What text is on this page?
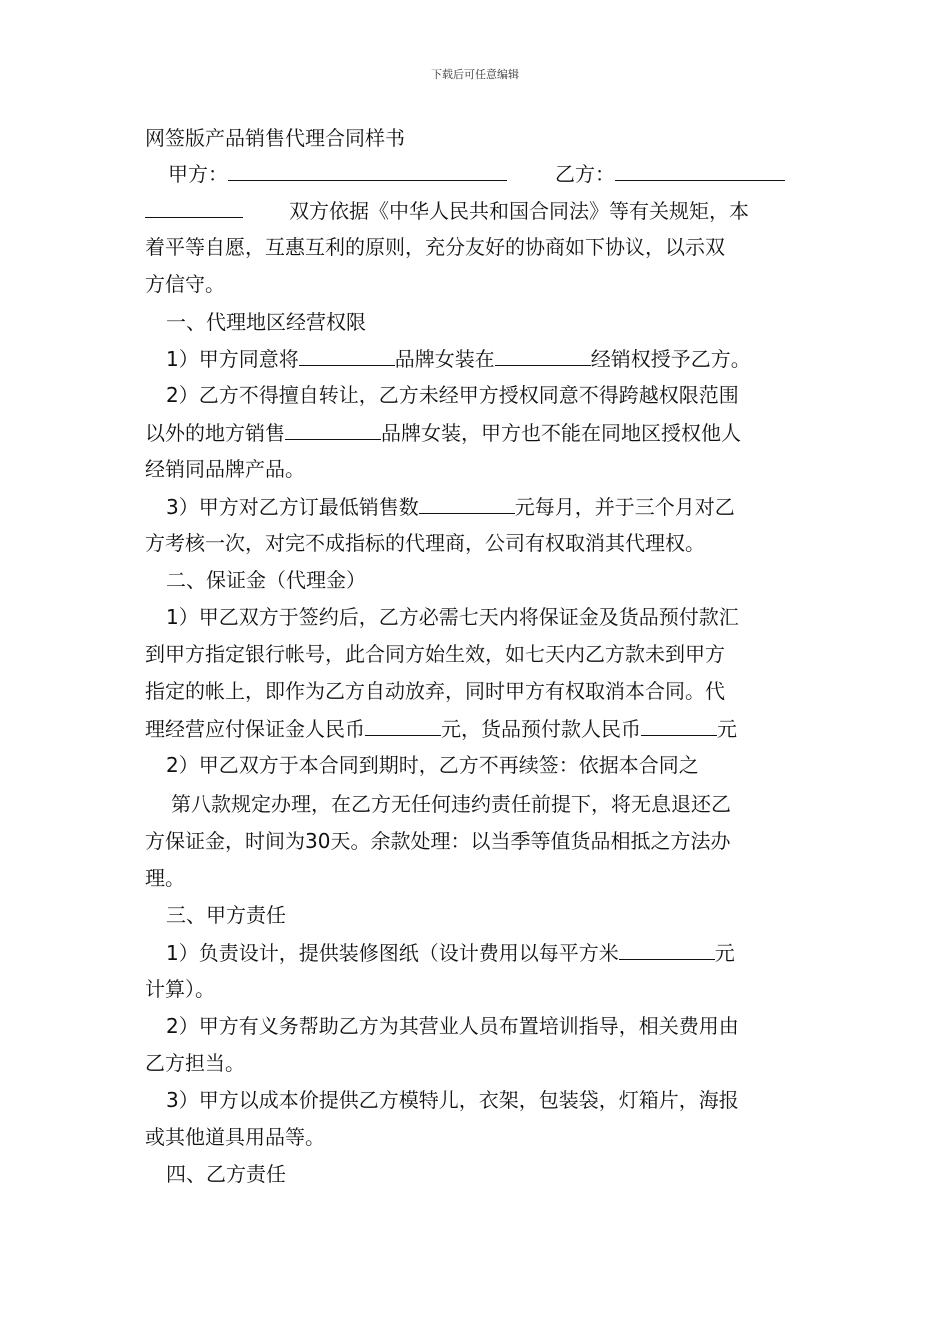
下载后可任意编辑
网签版产品销售代理合同样书
甲方：	乙方：
双方依据《中华人民共和国合同法》等有关规矩，本
着平等自愿，互惠互利的原则，充分友好的协商如下协议，以示双
方信守。
一、代理地区经营权限
1）甲方同意将	品牌女装在	经销权授予乙方。
2）乙方不得擅自转让，乙方未经甲方授权同意不得跨越权限范围
以外的地方销售	品牌女装，甲方也不能在同地区授权他人
经销同品牌产品。
3）甲方对乙方订最低销售数	元每月，并于三个月对乙
方考核一次，对完不成指标的代理商，公司有权取消其代理权。
二、保证金（代理金）
1）甲乙双方于签约后，乙方必需七天内将保证金及货品预付款汇
到甲方指定银行帐号，此合同方始生效，如七天内乙方款未到甲方
指定的帐上，即作为乙方自动放弃，同时甲方有权取消本合同。代
理经营应付保证金人民币	元，货品预付款人民币	元
2）甲乙双方于本合同到期时，乙方不再续签：依据本合同之
第八款规定办理，在乙方无任何违约责任前提下，将无息退还乙
方保证金，时间为30天。余款处理：以当季等值货品相抵之方法办
理。
三、甲方责任
1）负责设计，提供装修图纸（设计费用以每平方米	元
计算）。
2）甲方有义务帮助乙方为其营业人员布置培训指导，相关费用由
乙方担当。
3）甲方以成本价提供乙方模特儿，衣架，包装袋，灯箱片，海报
或其他道具用品等。
四、乙方责任
